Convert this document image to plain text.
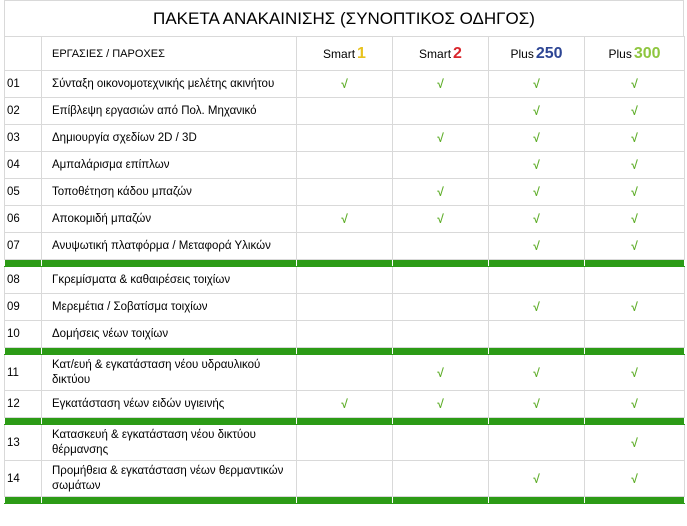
ΠΑΚΕΤΑ ΑΝΑΚΑΙΝΙΣΗΣ (ΣΥΝΟΠΤΙΚΟΣ ΟΔΗΓΟΣ)
	ΕΡΓΑΣΙΕΣ / ΠΑΡΟΧΕΣ	Smart 1	Smart 2	Plus 250	Plus 300
01	Σύνταξη οικονομοτεχνικής μελέτης ακινήτου	√	√	√	√
02	Επίβλεψη εργασιών από Πολ. Μηχανικό			√	√
03	Δημιουργία σχεδίων 2D / 3D		√	√	√
04	Αμπαλάρισμα επίπλων			√	√
05	Τοποθέτηση κάδου μπαζών		√	√	√
06	Αποκομιδή μπαζών	√	√	√	√
07	Ανυψωτική πλατφόρμα / Μεταφορά Υλικών			√	√

08	Γκρεμίσματα & καθαιρέσεις τοιχίων				
09	Μερεμέτια / Σοβατίσμα τοιχίων			√	√
10	Δομήσεις νέων τοιχίων				

11	Κατ/ευή & εγκατάσταση νέου υδραυλικού δικτύου		√	√	√
12	Εγκατάσταση νέων ειδών υγιεινής	√	√	√	√

13	Κατασκευή & εγκατάσταση νέου δικτύου θέρμανσης				√
14	Προμήθεια & εγκατάσταση νέων θερμαντικών σωμάτων			√	√
